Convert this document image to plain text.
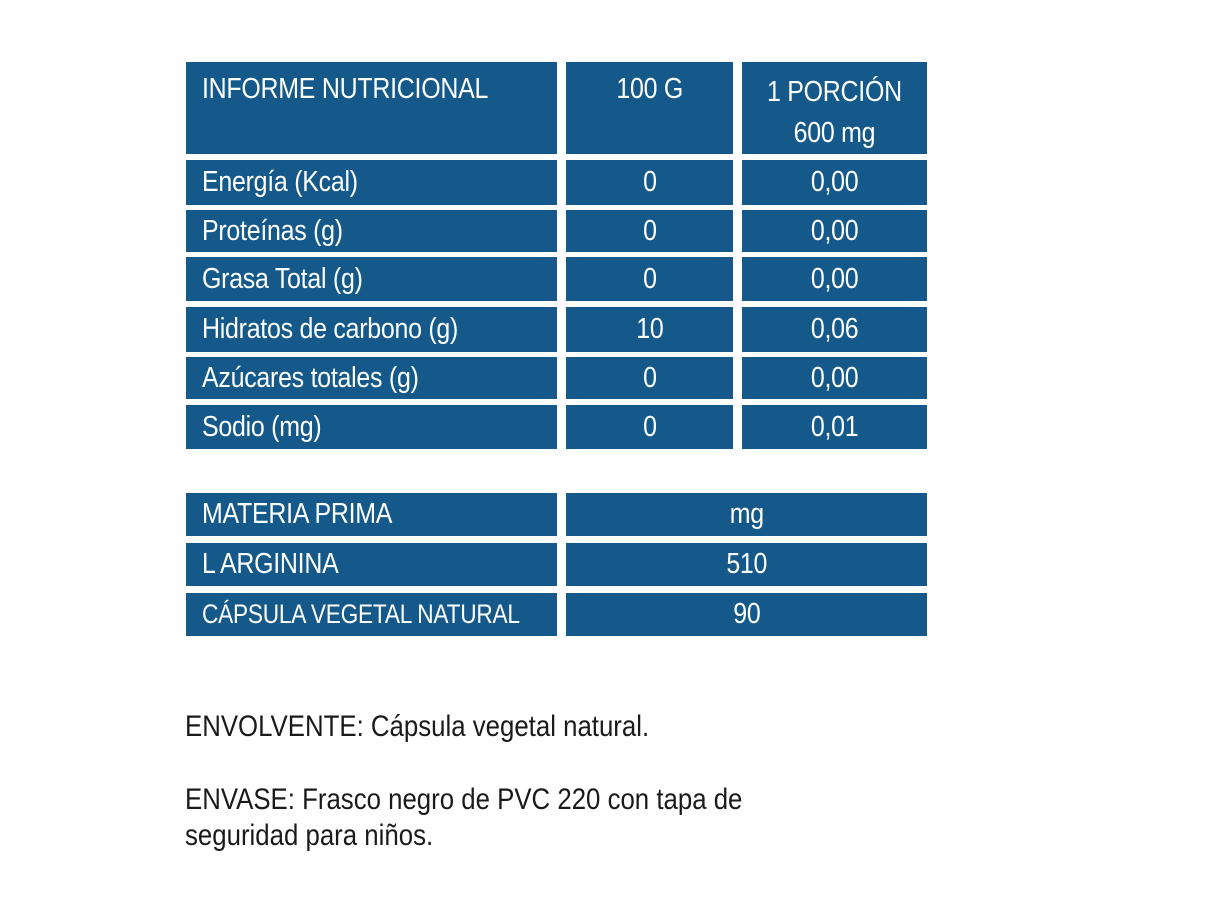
INFORME NUTRICIONAL	100 G	1 PORCIÓN
600 mg
Energía (Kcal)	0	0,00
Proteínas (g)	0	0,00
Grasa Total (g)	0	0,00
Hidratos de carbono (g)	10	0,06
Azúcares totales (g)	0	0,00
Sodio (mg)	0	0,01
MATERIA PRIMA	mg
L ARGININA	510
CÁPSULA VEGETAL NATURAL	90
ENVOLVENTE: Cápsula vegetal natural.
ENVASE: Frasco negro de PVC 220 con tapa de
seguridad para niños.
